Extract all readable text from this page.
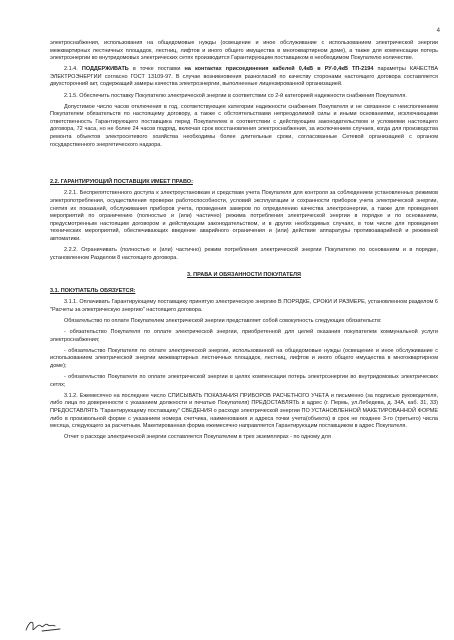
4

электроснабжения, использования на общедомовые нужды (освещение и иное обслуживание с использованием электрической энергии межквартирных лестничных площадок, лестниц, лифтов и иного общего имущества в многоквартирном доме), а также для компенсации потерь электроэнергии во внутридомовых электрических сетях производится Гарантирующим поставщиком в необходимом Покупателю количестве.

2.1.4. ПОДДЕРЖИВАТЬ в точке поставки на контактах присоединения кабелей 0,4кВ в РУ-0,4кВ ТП-2194 параметры КАЧЕСТВА ЭЛЕКТРОЭНЕРГИИ согласно ГОСТ 13109-97. В случае возникновения разногласий по качеству сторонами настоящего договора составляется двухсторонний акт, содержащий замеры качества электроэнергии, выполненные лицензированной организацией.

2.1.5. Обеспечить поставку Покупателю электрической энергии в соответствии со 2-й категорией надежности снабжения Покупателя.

Допустимое число часов отключения в год, соответствующее категории надежности снабжения Покупателя и не связанное с неисполнением Покупателем обязательств по настоящему договору, а также с обстоятельствами непреодолимой силы и иными основаниями, исключающими ответственность Гарантирующего поставщика перед Покупателем в соответствии с действующим законодательством и условиями настоящего договора, 72 часа, но не более 24 часов подряд, включая срок восстановления электроснабжения, за исключением случаев, когда для производства ремонта объектов электросетевого хозяйства необходимы более длительные сроки, согласованные Сетевой организацией с органом государственного энергетического надзора.

2.2. ГАРАНТИРУЮЩИЙ ПОСТАВЩИК ИМЕЕТ ПРАВО:

2.2.1. Беспрепятственного доступа к электроустановкам и средствам учета Покупателя для контроля за соблюдением установленных режимов электропотребления, осуществления проверки работоспособности, условий эксплуатации и сохранности приборов учета электрической энергии, снятия их показаний, обслуживания приборов учета, проведения замеров по определению качества электроэнергии, а также для проведения мероприятий по ограничению (полностью и (или) частично) режима потребления электрической энергии в порядке и по основаниям, предусмотренным настоящим договором и действующим законодательством, и в других необходимых случаях, в том числе для проведения технических мероприятий, обеспечивающих введение аварийного ограничения и (или) действие аппаратуры противоаварийной и режимной автоматики.

2.2.2. Ограничивать (полностью и (или) частично) режим потребления электрической энергии Покупателю по основаниям и в порядке, установленном Разделом 8 настоящего договора.

3. ПРАВА И ОБЯЗАННОСТИ ПОКУПАТЕЛЯ

3.1. ПОКУПАТЕЛЬ ОБЯЗУЕТСЯ:

3.1.1. Оплачивать Гарантирующему поставщику принятую электрическую энергию В ПОРЯДКЕ, СРОКИ И РАЗМЕРЕ, установленном разделом 6 "Расчеты за электрическую энергию" настоящего договора.

Обязательство по оплате Покупателем электрической энергии представляет собой совокупность следующих обязательств:

- обязательство Покупателя по оплате электрической энергии, приобретенной для целей оказания покупателем коммунальной услуги электроснабжения;

- обязательство Покупателя по оплате электрической энергии, использованной на общедомовые нужды (освещение и иное обслуживание с использованием электрической энергии межквартирных лестничных площадок, лестниц, лифтов и иного общего имущества в многоквартирном доме);

- обязательство Покупателя по оплате электрической энергии в целях компенсации потерь электроэнергии во внутридомовых электрических сетях;

3.1.2. Ежемесячно на последнее число СПИСЫВАТЬ ПОКАЗАНИЯ ПРИБОРОВ РАСЧЕТНОГО УЧЕТА и письменно (за подписью руководителя, либо лица по доверенности с указанием должности и печатью Покупателя) ПРЕДОСТАВЛЯТЬ в адрес (г. Пермь, ул.Лебедева, д. 34А, каб. 31, 33) ПРЕДОСТАВЛЯТЬ "Гарантирующему поставщику" СВЕДЕНИЯ о расходе электрической энергии ПО УСТАНОВЛЕННОЙ МАКЕТИРОВАННОЙ ФОРМЕ либо в произвольной форме с указанием номера счетчика, наименования и адреса точки учета(объекта) в срок не позднее 3-го (третьего) числа месяца, следующего за расчетным. Макетированная форма ежемесячно направляется Гарантирующим поставщиком в адрес Покупателя.

Отчет о расходе электрической энергии составляется Покупателем в трех экземплярах - по одному для
